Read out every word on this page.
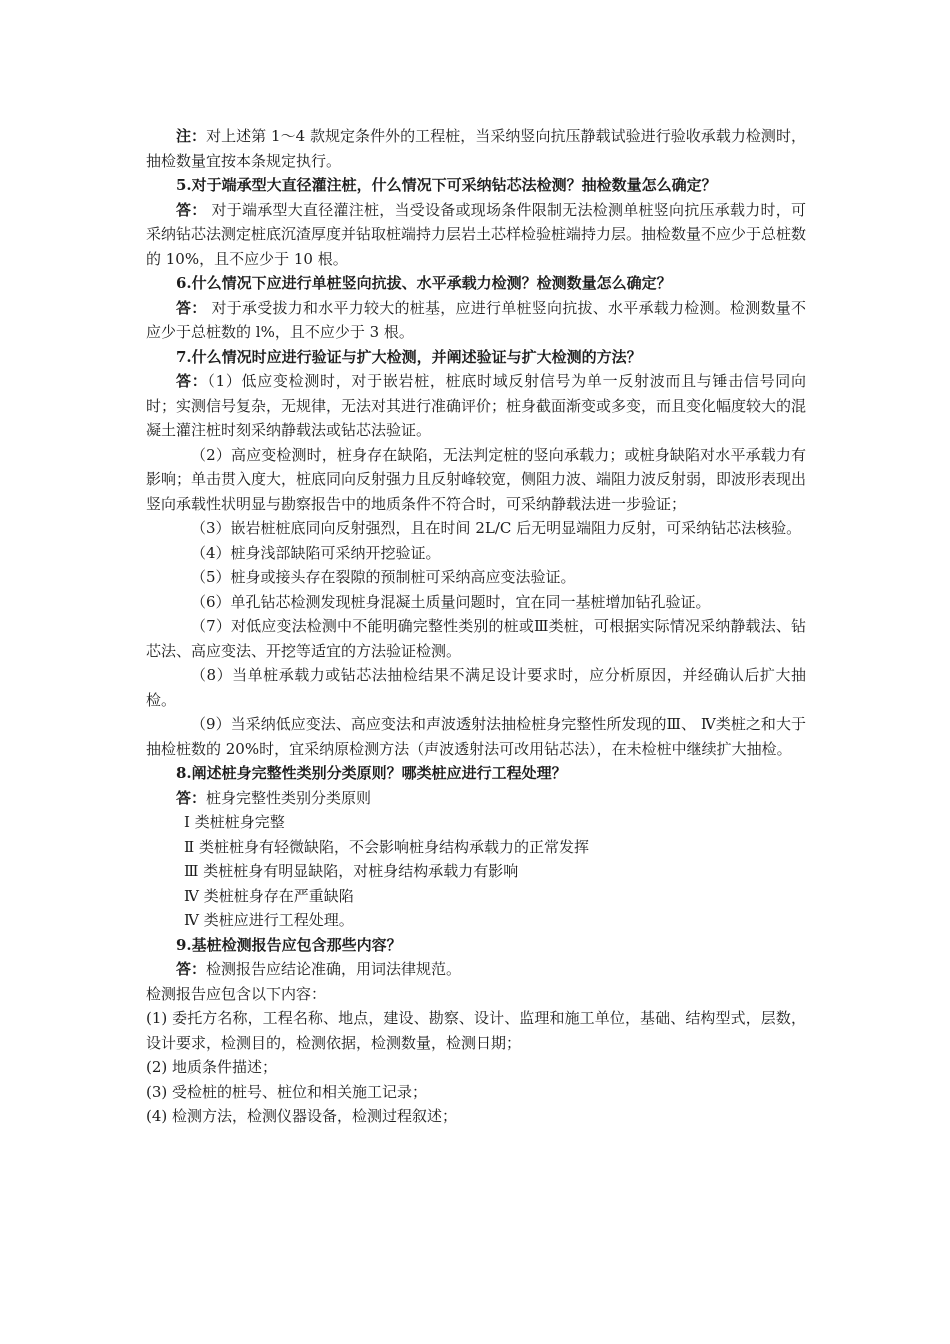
注：对上述第 1～4 款规定条件外的工程桩，当采纳竖向抗压静载试验进行验收承载力检测时，抽检数量宜按本条规定执行。

5.对于端承型大直径灌注桩，什么情况下可采纳钻芯法检测？抽检数量怎么确定？

答： 对于端承型大直径灌注桩，当受设备或现场条件限制无法检测单桩竖向抗压承载力时，可采纳钻芯法测定桩底沉渣厚度并钻取桩端持力层岩土芯样检验桩端持力层。抽检数量不应少于总桩数的 10%，且不应少于 10 根。

6.什么情况下应进行单桩竖向抗拔、水平承载力检测？检测数量怎么确定？

答： 对于承受拔力和水平力较大的桩基，应进行单桩竖向抗拔、水平承载力检测。检测数量不应少于总桩数的 l%，且不应少于 3 根。

7.什么情况时应进行验证与扩大检测，并阐述验证与扩大检测的方法？

答：（1）低应变检测时，对于嵌岩桩，桩底时域反射信号为单一反射波而且与锤击信号同向时；实测信号复杂，无规律，无法对其进行准确评价；桩身截面渐变或多变，而且变化幅度较大的混凝土灌注桩时刻采纳静载法或钻芯法验证。

（2）高应变检测时，桩身存在缺陷，无法判定桩的竖向承载力；或桩身缺陷对水平承载力有影响；单击贯入度大，桩底同向反射强力且反射峰较宽，侧阻力波、端阻力波反射弱，即波形表现出竖向承载性状明显与勘察报告中的地质条件不符合时，可采纳静载法进一步验证；

（3）嵌岩桩桩底同向反射强烈，且在时间 2L/C 后无明显端阻力反射，可采纳钻芯法核验。

（4）桩身浅部缺陷可采纳开挖验证。

（5）桩身或接头存在裂隙的预制桩可采纳高应变法验证。

（6）单孔钻芯检测发现桩身混凝土质量问题时，宜在同一基桩增加钻孔验证。

（7）对低应变法检测中不能明确完整性类别的桩或Ⅲ类桩，可根据实际情况采纳静载法、钻芯法、高应变法、开挖等适宜的方法验证检测。

（8）当单桩承载力或钻芯法抽检结果不满足设计要求时，应分析原因，并经确认后扩大抽检。

（9）当采纳低应变法、高应变法和声波透射法抽检桩身完整性所发现的Ⅲ、 Ⅳ类桩之和大于抽检桩数的 20%时，宜采纳原检测方法（声波透射法可改用钻芯法），在未检桩中继续扩大抽检。

8.阐述桩身完整性类别分类原则？哪类桩应进行工程处理？

答：桩身完整性类别分类原则

Ⅰ 类桩桩身完整

Ⅱ 类桩桩身有轻微缺陷，不会影响桩身结构承载力的正常发挥

Ⅲ 类桩桩身有明显缺陷，对桩身结构承载力有影响

Ⅳ 类桩桩身存在严重缺陷

Ⅳ 类桩应进行工程处理。

9.基桩检测报告应包含那些内容？

答：检测报告应结论准确，用词法律规范。

检测报告应包含以下内容：

(1) 委托方名称，工程名称、地点，建设、勘察、设计、监理和施工单位，基础、结构型式，层数，设计要求，检测目的，检测依据，检测数量，检测日期；

(2) 地质条件描述；

(3) 受检桩的桩号、桩位和相关施工记录；

(4) 检测方法，检测仪器设备，检测过程叙述；
